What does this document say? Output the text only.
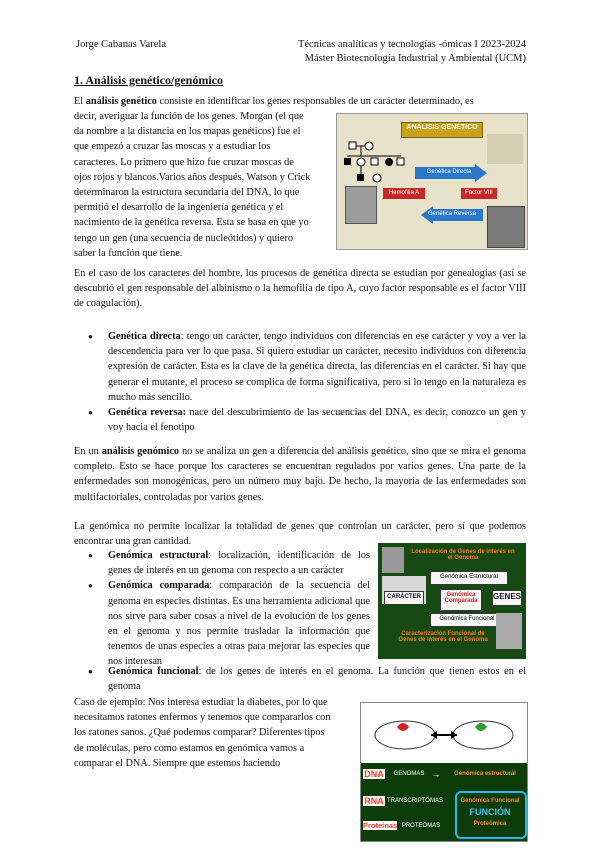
Jorge Cabanas Varela	Técnicas analíticas y tecnologías -ómicas I 2023-2024
Máster Biotecnología Industrial y Ambiental (UCM)
1. Análisis genético/genómico
El análisis genético consiste en identificar los genes responsables de un carácter determinado, es
decir, averiguar la función de los genes. Morgan (el que
da nombre a la distancia en los mapas genéticos) fue el
que empezó a cruzar las moscas y a estudiar los
caracteres. Lo primero que hizo fue cruzar moscas de
ojos rojos y blancos.Varios años después, Watson y Crick
determinaron la estructura secundaria del DNA, lo que
permitió el desarrollo de la ingeniería genética y el
nacimiento de la genética reversa. Esta se basa en que yo
tengo un gen (una secuencia de nucleótidos) y quiero
saber la función que tiene.
ANÁLISIS GENÉTICO
Genética Directa
Hemofilia A	Factor VIII
Genética Reversa
En el caso de los caracteres del hombre, los procesos de genética directa se estudian por genealogías (así se descubrió el gen responsable del albinismo o la hemofilia de tipo A, cuyo factor responsable es el factor VIII de coagulación).
● Genética directa: tengo un carácter, tengo individuos con diferencias en ese carácter y voy a ver la descendencia para ver lo que pasa. Si quiero estudiar un carácter, necesito individuos con diferencia expresión de carácter. Esta es la clave de la genética directa, las diferencias en el carácter. Si hay que generar el mutante, el proceso se complica de forma significativa, pero si lo tengo en la naturaleza es mucho más sencillo.
● Genética reversa: nace del descubrimiento de las secuencias del DNA, es decir, conozco un gen y voy hacia el fenotipo
En un análisis genómico no se analiza un gen a diferencia del análisis genético, sino que se mira el genoma completo. Esto se hace porque los caracteres se encuentran regulados por varios genes. Una parte de la enfermedades son monogénicas, pero un número muy bajo. De hecho, la mayoría de las enfermedades son multifactoriales, controladas por varios genes.
La genómica no permite localizar la totalidad de genes que controlan un carácter, pero sí que podemos encontrar una gran cantidad.
● Genómica estructural: localización, identificación de los genes de interés en un genoma con respecto a un carácter
● Genómica comparada: comparación de la secuencia del genoma en especies distintas. Es una herramienta adicional que nos sirve para saber cosas a nivel de la evolución de los genes en el genoma y nos permite trasladar la información que tenemos de unas especies a otras para mejorar las especies que nos interesan
Localización de Genes de interés en el Genoma
Genómica Estructural
CARÁCTER	Genómica Comparada	GENES
Genómica Funcional
Caracterización Funcional de Genes de interés en el Genoma
● Genómica funcional: de los genes de interés en el genoma. La función que tienen estos en el genoma
Caso de ejemplo: Nos interesa estudiar la diabetes, por lo que
necesitamos ratones enfermos y tenemos que compararlos con
los ratones sanos. ¿Qué podemos comparar? Diferentes tipos
de moléculas, pero como estamos en genómica vamos a
comparar el DNA. Siempre que estemos haciendo
DNA	GENOMAS →	Genómica estructural
RNA TRANSCRIPTOMAS	Genómica Funcional
FUNCIÓN
Proteínas PROTEOMAS	Proteómica
